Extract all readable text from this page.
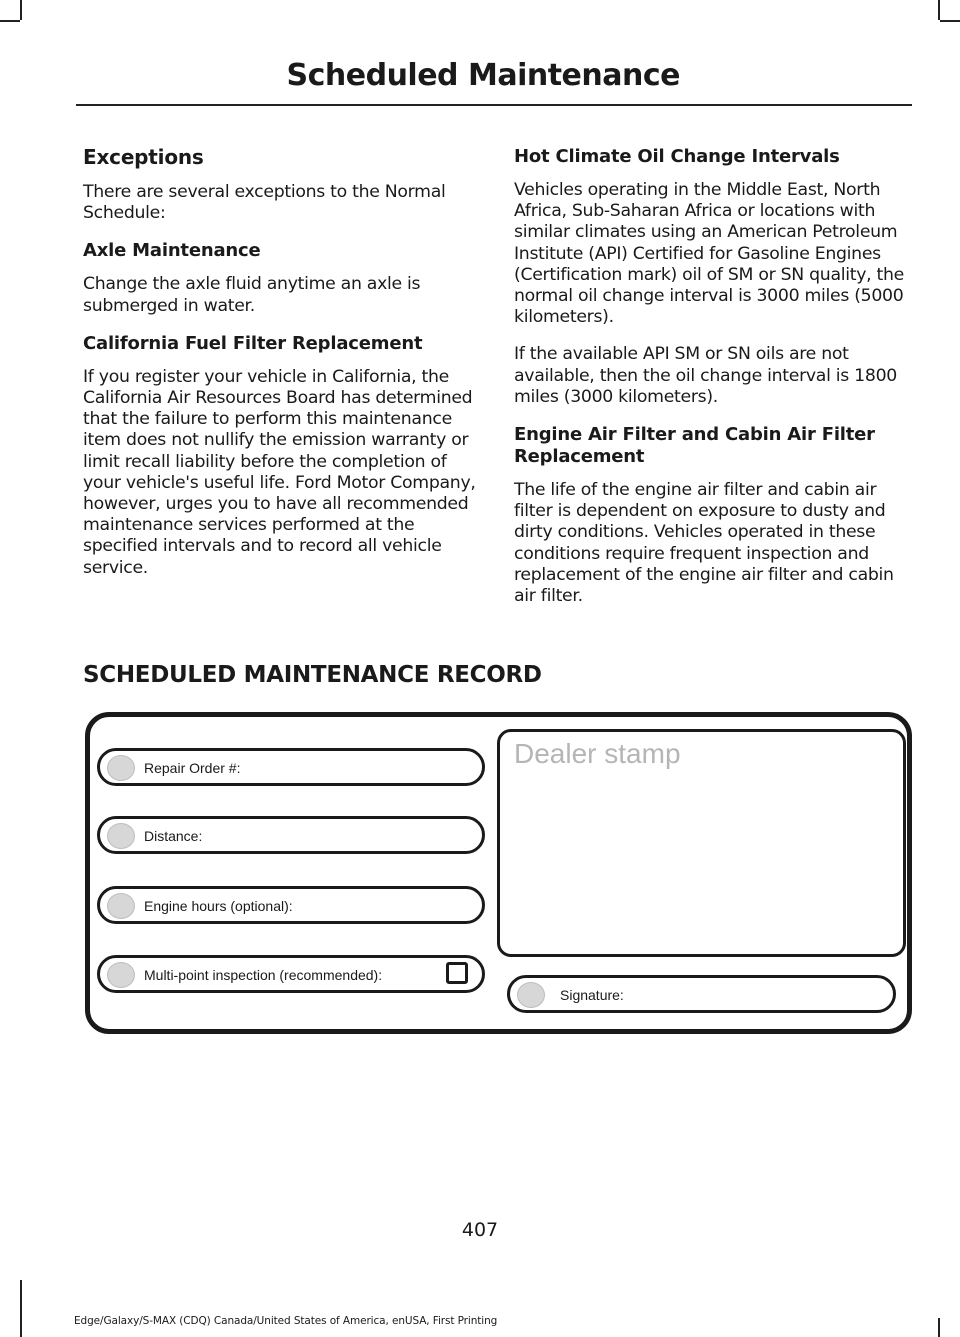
Scheduled Maintenance
Exceptions

There are several exceptions to the Normal Schedule:

Axle Maintenance

Change the axle fluid anytime an axle is submerged in water.

California Fuel Filter Replacement

If you register your vehicle in California, the California Air Resources Board has determined that the failure to perform this maintenance item does not nullify the emission warranty or limit recall liability before the completion of your vehicle's useful life. Ford Motor Company, however, urges you to have all recommended maintenance services performed at the specified intervals and to record all vehicle service.

Hot Climate Oil Change Intervals

Vehicles operating in the Middle East, North Africa, Sub-Saharan Africa or locations with similar climates using an American Petroleum Institute (API) Certified for Gasoline Engines (Certification mark) oil of SM or SN quality, the normal oil change interval is 3000 miles (5000 kilometers).

If the available API SM or SN oils are not available, then the oil change interval is 1800 miles (3000 kilometers).

Engine Air Filter and Cabin Air Filter Replacement

The life of the engine air filter and cabin air filter is dependent on exposure to dusty and dirty conditions. Vehicles operated in these conditions require frequent inspection and replacement of the engine air filter and cabin air filter.

SCHEDULED MAINTENANCE RECORD
Repair Order #:
Distance:
Engine hours (optional):
Multi-point inspection (recommended):
Dealer stamp
Signature:
407
Edge/Galaxy/S-MAX (CDQ) Canada/United States of America, enUSA, First Printing
